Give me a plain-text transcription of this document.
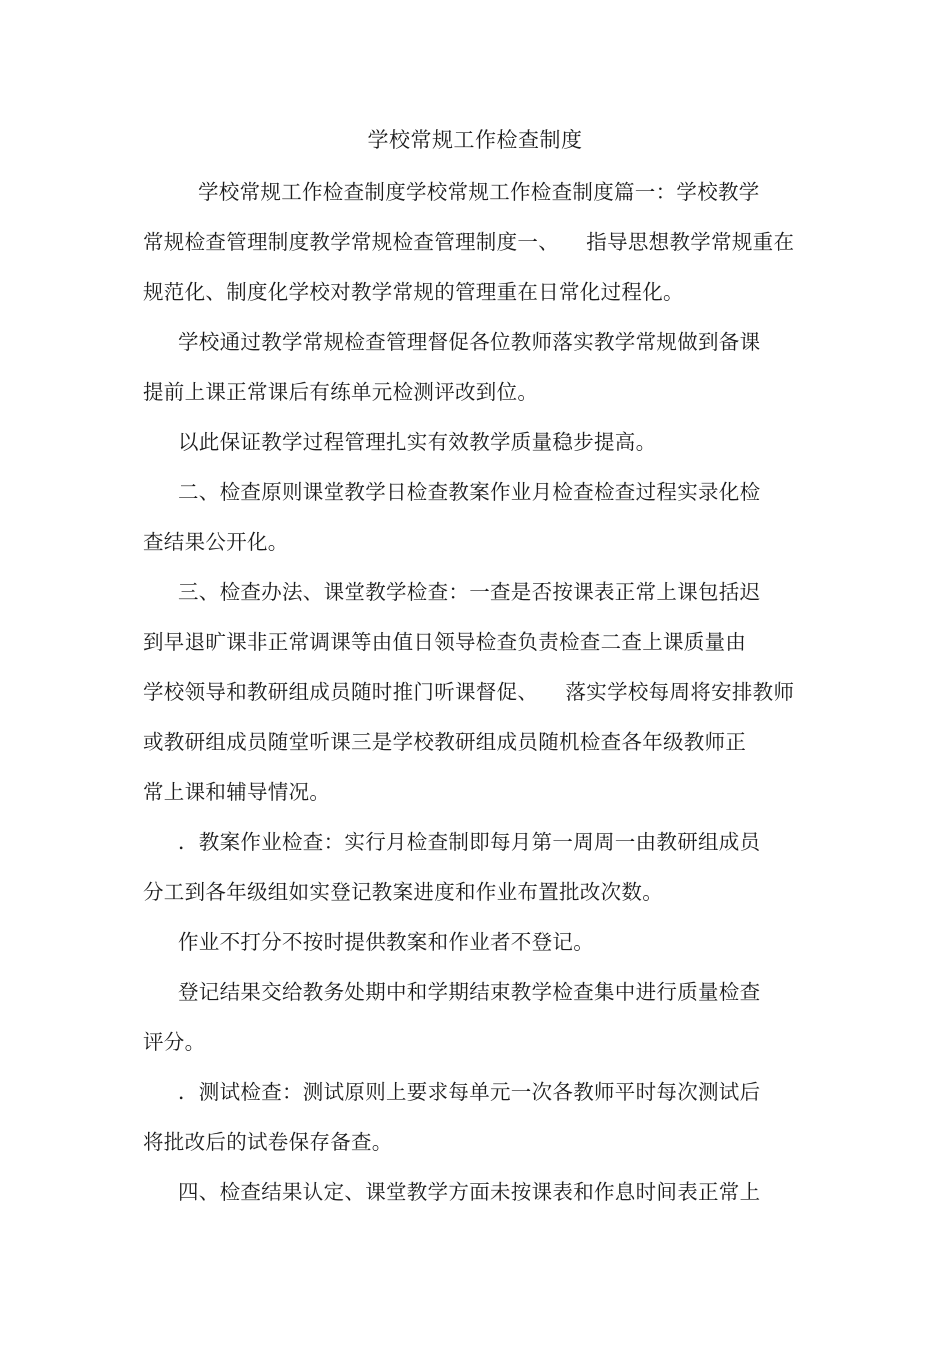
学校常规工作检查制度
学校常规工作检查制度学校常规工作检查制度篇一：学校教学
常规检查管理制度教学常规检查管理制度一、    指导思想教学常规重在
规范化、制度化学校对教学常规的管理重在日常化过程化。
学校通过教学常规检查管理督促各位教师落实教学常规做到备课
提前上课正常课后有练单元检测评改到位。
以此保证教学过程管理扎实有效教学质量稳步提高。
二、检查原则课堂教学日检查教案作业月检查检查过程实录化检
查结果公开化。
三、检查办法、课堂教学检查：一查是否按课表正常上课包括迟
到早退旷课非正常调课等由值日领导检查负责检查二查上课质量由
学校领导和教研组成员随时推门听课督促、    落实学校每周将安排教师
或教研组成员随堂听课三是学校教研组成员随机检查各年级教师正
常上课和辅导情况。
．教案作业检查：实行月检查制即每月第一周周一由教研组成员
分工到各年级组如实登记教案进度和作业布置批改次数。
作业不打分不按时提供教案和作业者不登记。
登记结果交给教务处期中和学期结束教学检查集中进行质量检查
评分。
．测试检查：测试原则上要求每单元一次各教师平时每次测试后
将批改后的试卷保存备查。
四、检查结果认定、课堂教学方面未按课表和作息时间表正常上
